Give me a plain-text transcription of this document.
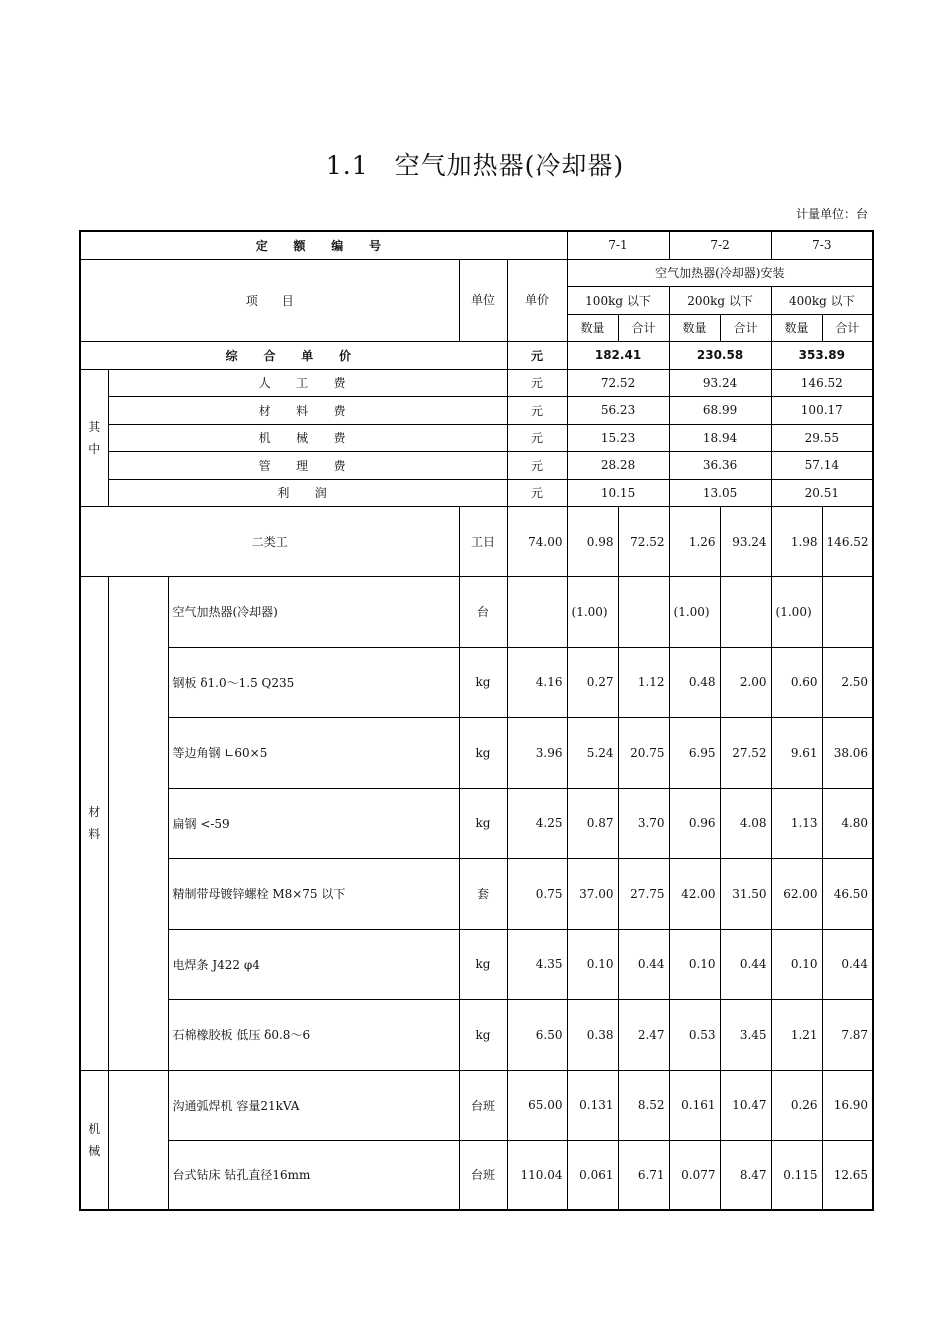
1.1　空气加热器(冷却器)
计量单位：台
定 额 编 号					7-1		7-2		7-3	
项　　目			单位	单价	空气加热器(冷却器)安装					
					100kg 以下		200kg 以下		400kg 以下	
					数量	合计	数量	合计	数量	合计
综 合 单 价				元	182.41		230.58		353.89	
其中	人 工 费			元	72.52		93.24		146.52	
	材 料 费			元	56.23		68.99		100.17	
	机 械 费			元	15.23		18.94		29.55	
	管 理 费			元	28.28		36.36		57.14	
	利 润			元	10.15		13.05		20.51	
二类工			工日	74.00	0.98	72.52	1.26	93.24	1.98	146.52
材料		空气加热器(冷却器)	台		(1.00)		(1.00)		(1.00)	
		钢板 δ1.0～1.5 Q235	kg	4.16	0.27	1.12	0.48	2.00	0.60	2.50
		等边角钢 ∟60×5	kg	3.96	5.24	20.75	6.95	27.52	9.61	38.06
		扁钢 <-59	kg	4.25	0.87	3.70	0.96	4.08	1.13	4.80
		精制带母镀锌螺栓 M8×75 以下	套	0.75	37.00	27.75	42.00	31.50	62.00	46.50
		电焊条 J422 φ4	kg	4.35	0.10	0.44	0.10	0.44	0.10	0.44
		石棉橡胶板 低压 δ0.8～6	kg	6.50	0.38	2.47	0.53	3.45	1.21	7.87
机械		沟通弧焊机 容量21kVA	台班	65.00	0.131	8.52	0.161	10.47	0.26	16.90
		台式钻床 钻孔直径16mm	台班	110.04	0.061	6.71	0.077	8.47	0.115	12.65
